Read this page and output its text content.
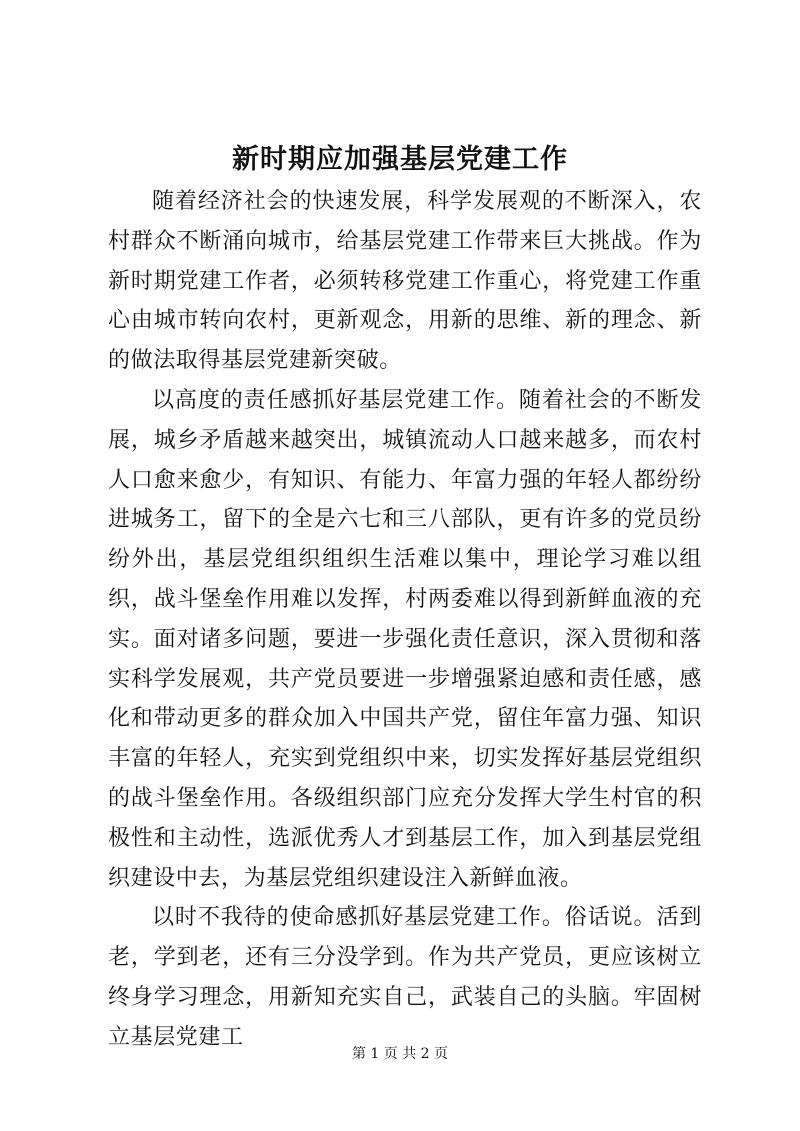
新时期应加强基层党建工作

随着经济社会的快速发展，科学发展观的不断深入，农村群众不断涌向城市，给基层党建工作带来巨大挑战。作为新时期党建工作者，必须转移党建工作重心，将党建工作重心由城市转向农村，更新观念，用新的思维、新的理念、新的做法取得基层党建新突破。

以高度的责任感抓好基层党建工作。随着社会的不断发展，城乡矛盾越来越突出，城镇流动人口越来越多，而农村人口愈来愈少，有知识、有能力、年富力强的年轻人都纷纷进城务工，留下的全是六七和三八部队，更有许多的党员纷纷外出，基层党组织组织生活难以集中，理论学习难以组织，战斗堡垒作用难以发挥，村两委难以得到新鲜血液的充实。面对诸多问题，要进一步强化责任意识，深入贯彻和落实科学发展观，共产党员要进一步增强紧迫感和责任感，感化和带动更多的群众加入中国共产党，留住年富力强、知识丰富的年轻人，充实到党组织中来，切实发挥好基层党组织的战斗堡垒作用。各级组织部门应充分发挥大学生村官的积极性和主动性，选派优秀人才到基层工作，加入到基层党组织建设中去，为基层党组织建设注入新鲜血液。

以时不我待的使命感抓好基层党建工作。俗话说。活到老，学到老，还有三分没学到。作为共产党员，更应该树立终身学习理念，用新知充实自己，武装自己的头脑。牢固树立基层党建工

第 1 页 共 2 页
